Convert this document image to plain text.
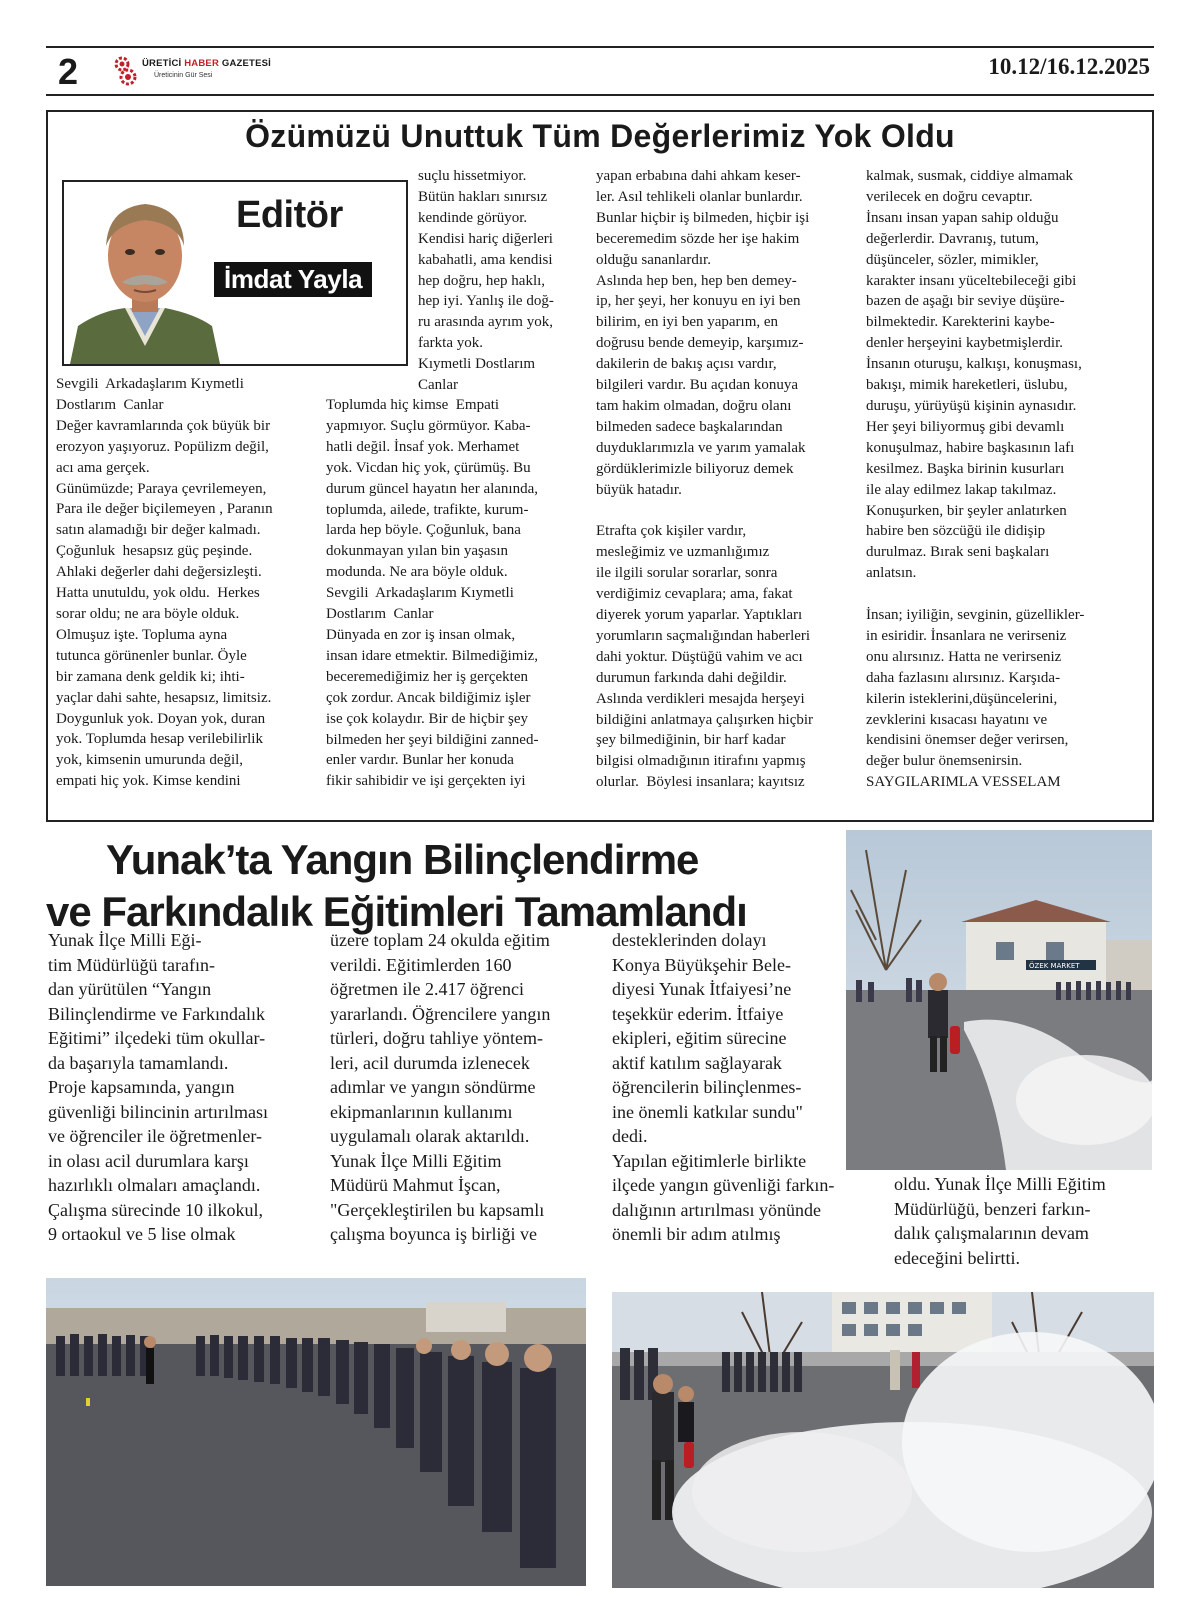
2	ÜRETİCİ HABER GAZETESİ
Üreticinin Gür Sesi	10.12/16.12.2025
Özümüzü Unuttuk Tüm Değerlerimiz Yok Oldu
Editör
İmdat Yayla
Sevgili  Arkadaşlarım Kıymetli
Dostlarım  Canlar
Değer kavramlarında çok büyük bir
erozyon yaşıyoruz. Popülizm değil,
acı ama gerçek.
Günümüzde; Paraya çevrilemeyen,
Para ile değer biçilemeyen , Paranın
satın alamadığı bir değer kalmadı.
Çoğunluk  hesapsız güç peşinde.
Ahlaki değerler dahi değersizleşti.
Hatta unutuldu, yok oldu.  Herkes
sorar oldu; ne ara böyle olduk.
Olmuşuz işte. Topluma ayna
tutunca görünenler bunlar. Öyle
bir zamana denk geldik ki; ihti-
yaçlar dahi sahte, hesapsız, limitsiz.
Doygunluk yok. Doyan yok, duran
yok. Toplumda hesap verilebilirlik
yok, kimsenin umurunda değil,
empati hiç yok. Kimse kendini
suçlu hissetmiyor.
Bütün hakları sınırsız
kendinde görüyor.
Kendisi hariç diğerleri
kabahatli, ama kendisi
hep doğru, hep haklı,
hep iyi. Yanlış ile doğ-
ru arasında ayrım yok,
farkta yok.
Kıymetli Dostlarım
Canlar
Toplumda hiç kimse  Empati
yapmıyor. Suçlu görmüyor. Kaba-
hatli değil. İnsaf yok. Merhamet
yok. Vicdan hiç yok, çürümüş. Bu
durum güncel hayatın her alanında,
toplumda, ailede, trafikte, kurum-
larda hep böyle. Çoğunluk, bana
dokunmayan yılan bin yaşasın
modunda. Ne ara böyle olduk.
Sevgili  Arkadaşlarım Kıymetli
Dostlarım  Canlar
Dünyada en zor iş insan olmak,
insan idare etmektir. Bilmediğimiz,
beceremediğimiz her iş gerçekten
çok zordur. Ancak bildiğimiz işler
ise çok kolaydır. Bir de hiçbir şey
bilmeden her şeyi bildiğini zanned-
enler vardır. Bunlar her konuda
fikir sahibidir ve işi gerçekten iyi
yapan erbabına dahi ahkam keser-
ler. Asıl tehlikeli olanlar bunlardır.
Bunlar hiçbir iş bilmeden, hiçbir işi
beceremedim sözde her işe hakim
olduğu sananlardır.
Aslında hep ben, hep ben demey-
ip, her şeyi, her konuyu en iyi ben
bilirim, en iyi ben yaparım, en
doğrusu bende demeyip, karşımız-
dakilerin de bakış açısı vardır,
bilgileri vardır. Bu açıdan konuya
tam hakim olmadan, doğru olanı
bilmeden sadece başkalarından
duyduklarımızla ve yarım yamalak
gördüklerimizle biliyoruz demek
büyük hatadır.

Etrafta çok kişiler vardır,
mesleğimiz ve uzmanlığımız
ile ilgili sorular sorarlar, sonra
verdiğimiz cevaplara; ama, fakat
diyerek yorum yaparlar. Yaptıkları
yorumların saçmalığından haberleri
dahi yoktur. Düştüğü vahim ve acı
durumun farkında dahi değildir.
Aslında verdikleri mesajda herşeyi
bildiğini anlatmaya çalışırken hiçbir
şey bilmediğinin, bir harf kadar
bilgisi olmadığının itirafını yapmış
olurlar.  Böylesi insanlara; kayıtsız
kalmak, susmak, ciddiye almamak
verilecek en doğru cevaptır.
İnsanı insan yapan sahip olduğu
değerlerdir. Davranış, tutum,
düşünceler, sözler, mimikler,
karakter insanı yüceltebileceği gibi
bazen de aşağı bir seviye düşüre-
bilmektedir. Karekterini kaybe-
denler herşeyini kaybetmişlerdir.
İnsanın oturuşu, kalkışı, konuşması,
bakışı, mimik hareketleri, üslubu,
duruşu, yürüyüşü kişinin aynasıdır.
Her şeyi biliyormuş gibi devamlı
konuşulmaz, habire başkasının lafı
kesilmez. Başka birinin kusurları
ile alay edilmez lakap takılmaz.
Konuşurken, bir şeyler anlatırken
habire ben sözcüğü ile didişip
durulmaz. Bırak seni başkaları
anlatsın.

İnsan; iyiliğin, sevginin, güzellikler-
in esiridir. İnsanlara ne verirseniz
onu alırsınız. Hatta ne verirseniz
daha fazlasını alırsınız. Karşıda-
kilerin isteklerini,düşüncelerini,
zevklerini kısacası hayatını ve
kendisini önemser değer verirsen,
değer bulur önemsenirsin.
SAYGILARIMLA VESSELAM
Yunak’ta Yangın Bilinçlendirme
ve Farkındalık Eğitimleri Tamamlandı
ÖZEK MARKET
Yunak İlçe Milli Eği-
tim Müdürlüğü tarafın-
dan yürütülen “Yangın
Bilinçlendirme ve Farkındalık
Eğitimi” ilçedeki tüm okullar-
da başarıyla tamamlandı.
Proje kapsamında, yangın
güvenliği bilincinin artırılması
ve öğrenciler ile öğretmenler-
in olası acil durumlara karşı
hazırlıklı olmaları amaçlandı.
Çalışma sürecinde 10 ilkokul,
9 ortaokul ve 5 lise olmak
üzere toplam 24 okulda eğitim
verildi. Eğitimlerden 160
öğretmen ile 2.417 öğrenci
yararlandı. Öğrencilere yangın
türleri, doğru tahliye yöntem-
leri, acil durumda izlenecek
adımlar ve yangın söndürme
ekipmanlarının kullanımı
uygulamalı olarak aktarıldı.
Yunak İlçe Milli Eğitim
Müdürü Mahmut İşcan,
"Gerçekleştirilen bu kapsamlı
çalışma boyunca iş birliği ve
desteklerinden dolayı
Konya Büyükşehir Bele-
diyesi Yunak İtfaiyesi’ne
teşekkür ederim. İtfaiye
ekipleri, eğitim sürecine
aktif katılım sağlayarak
öğrencilerin bilinçlenmes-
ine önemli katkılar sundu"
dedi.
Yapılan eğitimlerle birlikte
ilçede yangın güvenliği farkın-
dalığının artırılması yönünde
önemli bir adım atılmış
oldu. Yunak İlçe Milli Eğitim
Müdürlüğü, benzeri farkın-
dalık çalışmalarının devam
edeceğini belirtti.
